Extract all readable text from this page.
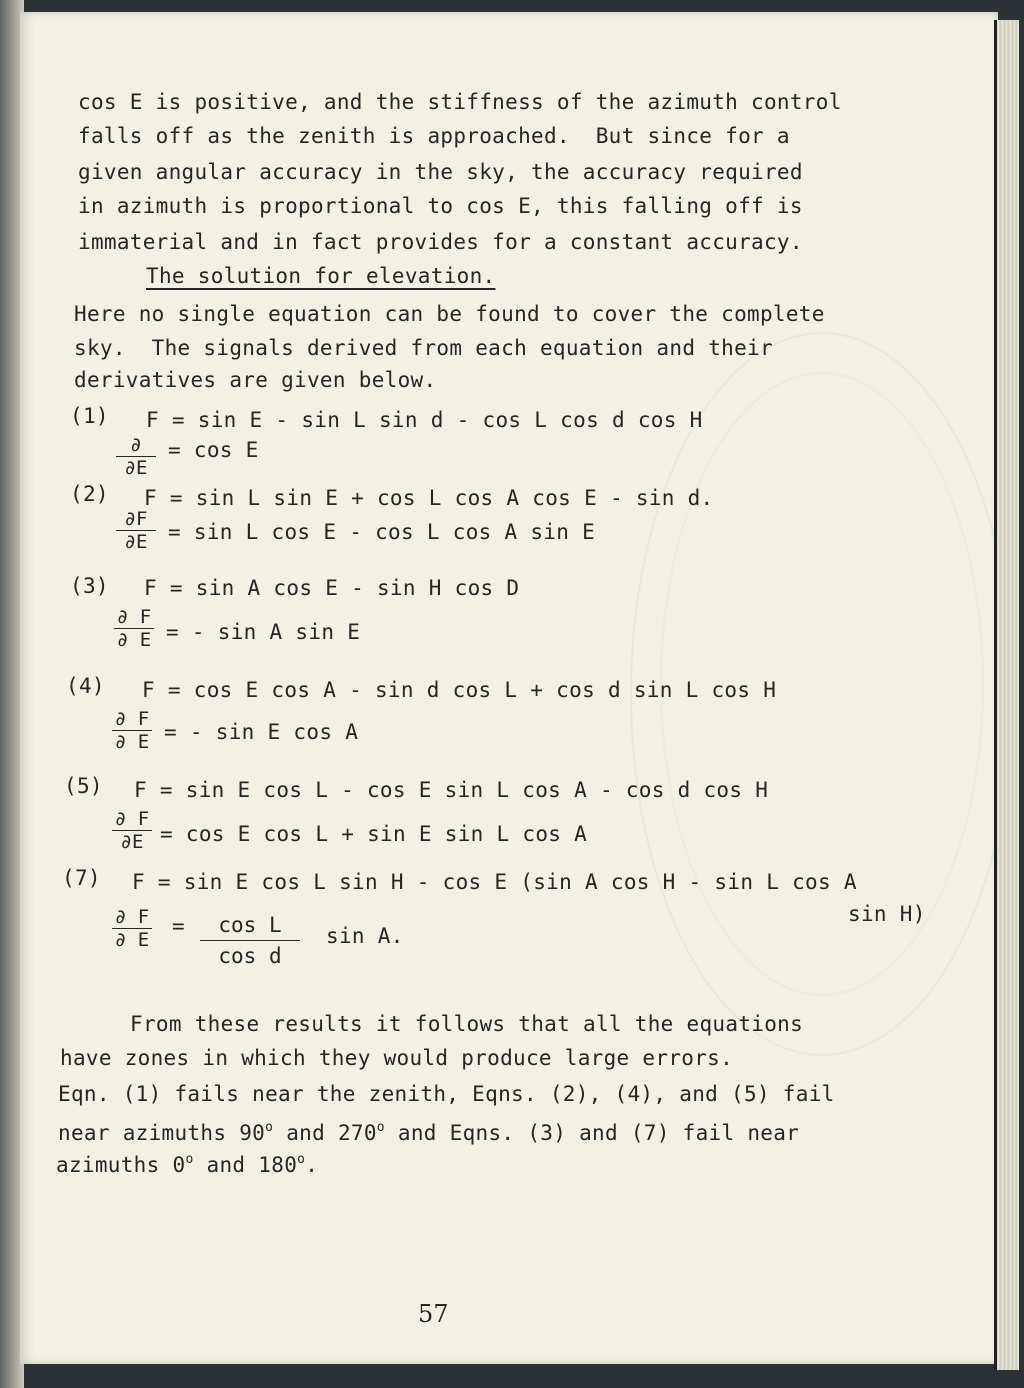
cos E is positive, and the stiffness of the azimuth control
falls off as the zenith is approached.  But since for a
given angular accuracy in the sky, the accuracy required
in azimuth is proportional to cos E, this falling off is
immaterial and in fact provides for a constant accuracy.
The solution for elevation.
Here no single equation can be found to cover the complete
sky.  The signals derived from each equation and their
derivatives are given below.
(1) F = sin E - sin L sin d - cos L cos d cos H
∂
∂E
= cos E
(2) F = sin L sin E + cos L cos A cos E - sin d.
$\frac{\partial F}{\partial E} = \sin L$ cos E - cos L cos A sin E
(3) F = sin A cos E - sin H cos D
$\frac{\partial F}{\partial E}$ = - sin A sin E
(4) F = cos E cos A - sin d cos L + cos d sin L cos H
$\frac{\partial F}{\partial E}$ = - sin E cos A
(5) F = sin E cos L - cos E sin L cos A - cos d cos H
$\frac{\partial F}{\partial E} = \cos E$ cos L + sin E sin L cos A
(7) F = sin E cos L sin H - cos E (sin A cos H - sin L cos A
sin H)
$\frac{\partial F}{\partial E} = \frac{\text{cos L}}{\text{cos d}}$ sin A.
From these results it follows that all the equations
have zones in which they would produce large errors.
Eqn. (1) fails near the zenith, Eqns. (2), (4), and (5) fail
near azimuths 90$^o$ and 270$^o$ and Eqns. (3) and (7) fail near
azimuths 0$^o$ and 180$^o$.
57
